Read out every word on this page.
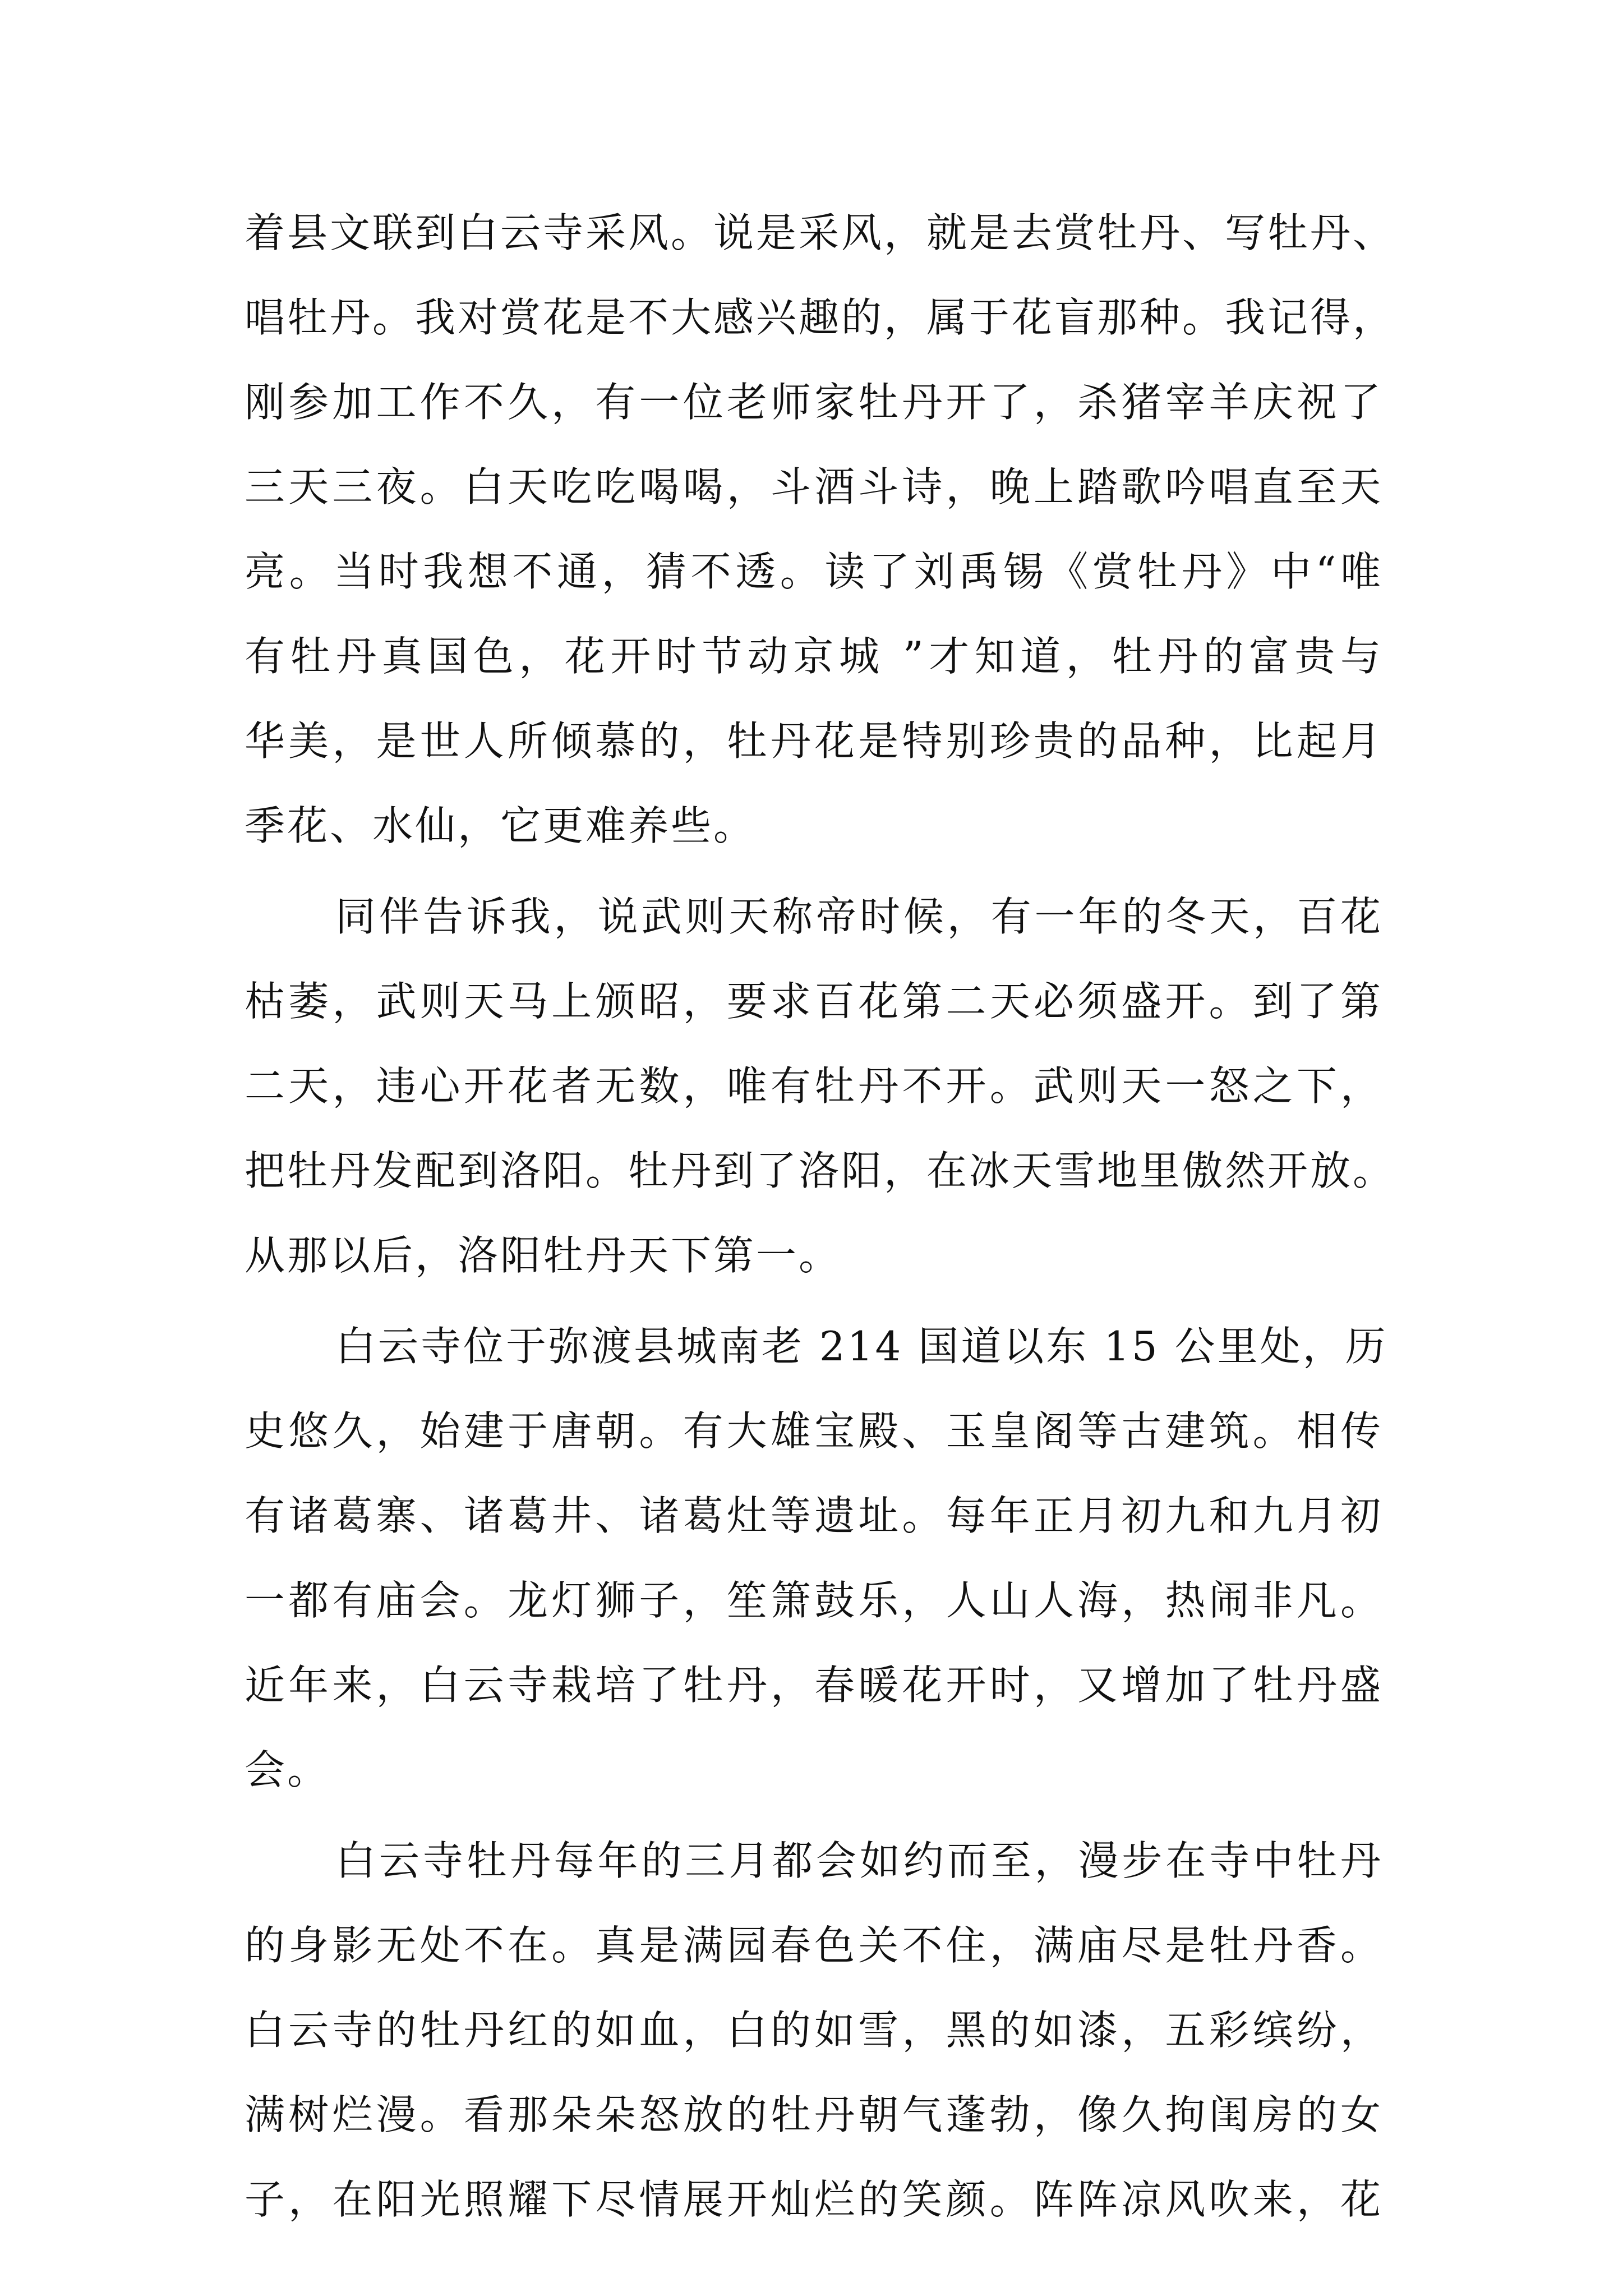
着县文联到白云寺采风。说是采风，就是去赏牡丹、写牡丹、
唱牡丹。我对赏花是不大感兴趣的，属于花盲那种。我记得，
刚参加工作不久，有一位老师家牡丹开了，杀猪宰羊庆祝了
三天三夜。白天吃吃喝喝，斗酒斗诗，晚上踏歌吟唱直至天
亮。当时我想不通，猜不透。读了刘禹锡《赏牡丹》中“唯
有牡丹真国色，花开时节动京城 ”才知道，牡丹的富贵与
华美，是世人所倾慕的，牡丹花是特别珍贵的品种，比起月
季花、水仙，它更难养些。
同伴告诉我，说武则天称帝时候，有一年的冬天，百花
枯萎，武则天马上颁昭，要求百花第二天必须盛开。到了第
二天，违心开花者无数，唯有牡丹不开。武则天一怒之下，
把牡丹发配到洛阳。牡丹到了洛阳，在冰天雪地里傲然开放。
从那以后，洛阳牡丹天下第一。
白云寺位于弥渡县城南老 214 国道以东 15 公里处，历
史悠久，始建于唐朝。有大雄宝殿、玉皇阁等古建筑。相传
有诸葛寨、诸葛井、诸葛灶等遗址。每年正月初九和九月初
一都有庙会。龙灯狮子，笙箫鼓乐，人山人海，热闹非凡。
近年来，白云寺栽培了牡丹，春暖花开时，又增加了牡丹盛
会。
白云寺牡丹每年的三月都会如约而至，漫步在寺中牡丹
的身影无处不在。真是满园春色关不住，满庙尽是牡丹香。
白云寺的牡丹红的如血，白的如雪，黑的如漆，五彩缤纷，
满树烂漫。看那朵朵怒放的牡丹朝气蓬勃，像久拘闺房的女
子，在阳光照耀下尽情展开灿烂的笑颜。阵阵凉风吹来，花
